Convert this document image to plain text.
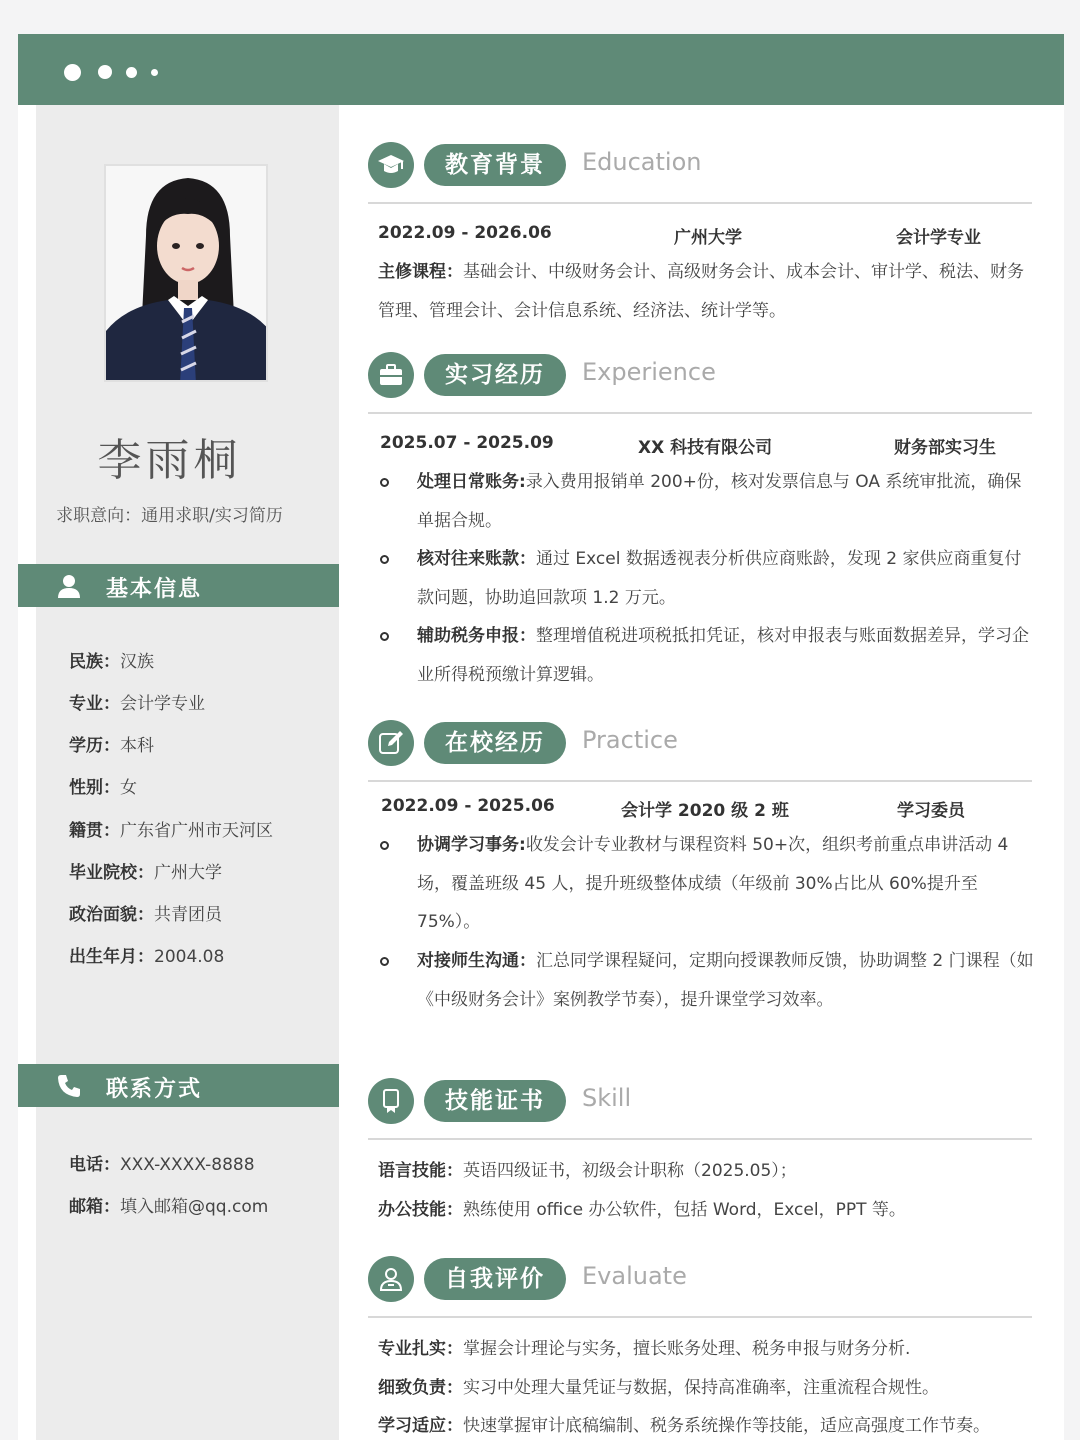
李雨桐
求职意向：通用求职/实习简历
基本信息
民族：汉族
专业：会计学专业
学历：本科
性别：女
籍贯：广东省广州市天河区
毕业院校：广州大学
政治面貌：共青团员
出生年月：2004.08
联系方式
电话：XXX-XXXX-8888
邮箱：填入邮箱@qq.com
教育背景	Education
2022.09 - 2026.06	广州大学	会计学专业
主修课程：基础会计、中级财务会计、高级财务会计、成本会计、审计学、税法、财务管理、管理会计、会计信息系统、经济法、统计学等。
实习经历	Experience
2025.07 - 2025.09	XX 科技有限公司	财务部实习生
处理日常账务:录入费用报销单 200+份，核对发票信息与 OA 系统审批流，确保单据合规。
核对往来账款：通过 Excel 数据透视表分析供应商账龄，发现 2 家供应商重复付款问题，协助追回款项 1.2 万元。
辅助税务申报：整理增值税进项税抵扣凭证，核对申报表与账面数据差异，学习企业所得税预缴计算逻辑。
在校经历	Practice
2022.09 - 2025.06	会计学 2020 级 2 班	学习委员
协调学习事务:收发会计专业教材与课程资料 50+次，组织考前重点串讲活动 4 场，覆盖班级 45 人，提升班级整体成绩（年级前 30%占比从 60%提升至 75%）。
对接师生沟通：汇总同学课程疑问，定期向授课教师反馈，协助调整 2 门课程（如《中级财务会计》案例教学节奏），提升课堂学习效率。
技能证书	Skill
语言技能：英语四级证书，初级会计职称（2025.05）；
办公技能：熟练使用 office 办公软件，包括 Word，Excel，PPT 等。
自我评价	Evaluate
专业扎实：掌握会计理论与实务，擅长账务处理、税务申报与财务分析.
细致负责：实习中处理大量凭证与数据，保持高准确率，注重流程合规性。
学习适应：快速掌握审计底稿编制、税务系统操作等技能，适应高强度工作节奏。
